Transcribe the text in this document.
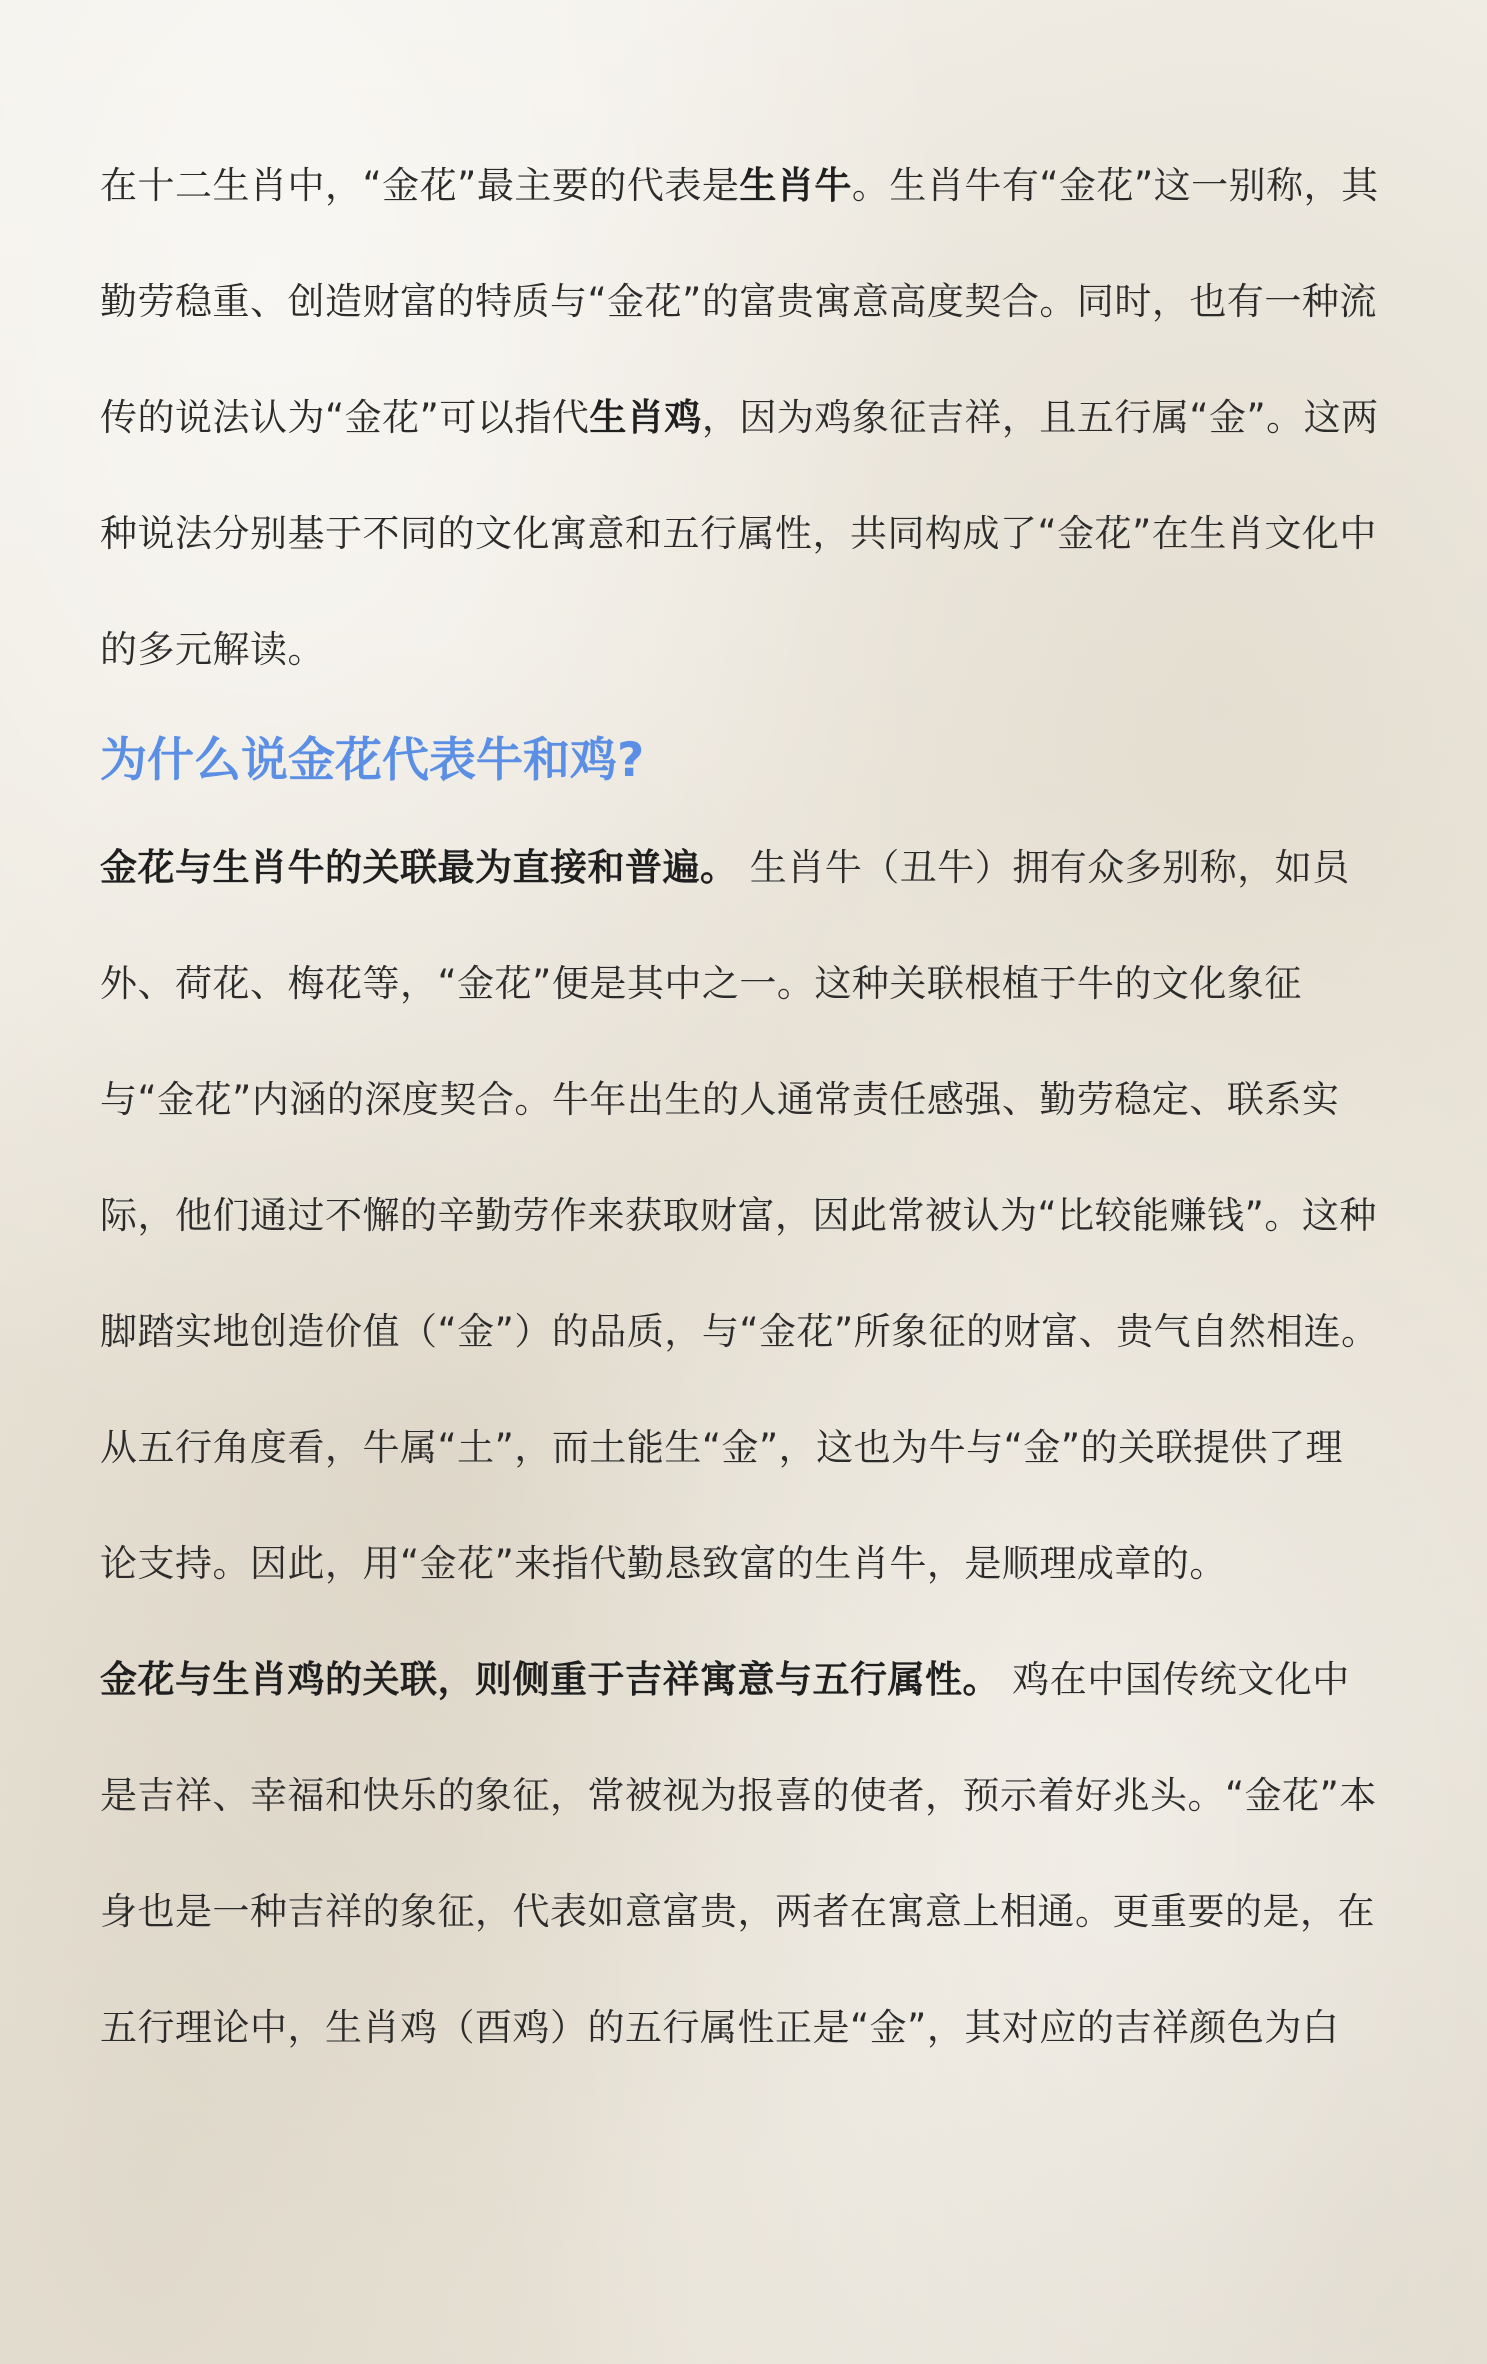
在十二生肖中，“金花”最主要的代表是生肖牛。生肖牛有“金花”这一别称，其勤劳稳重、创造财富的特质与“金花”的富贵寓意高度契合。同时，也有一种流传的说法认为“金花”可以指代生肖鸡，因为鸡象征吉祥，且五行属“金”。这两种说法分别基于不同的文化寓意和五行属性，共同构成了“金花”在生肖文化中的多元解读。

为什么说金花代表牛和鸡?

金花与生肖牛的关联最为直接和普遍。 生肖牛（丑牛）拥有众多别称，如员外、荷花、梅花等，“金花”便是其中之一。这种关联根植于牛的文化象征与“金花”内涵的深度契合。牛年出生的人通常责任感强、勤劳稳定、联系实际，他们通过不懈的辛勤劳作来获取财富，因此常被认为“比较能赚钱”。这种脚踏实地创造价值（“金”）的品质，与“金花”所象征的财富、贵气自然相连。从五行角度看，牛属“土”，而土能生“金”，这也为牛与“金”的关联提供了理论支持。因此，用“金花”来指代勤恳致富的生肖牛，是顺理成章的。

金花与生肖鸡的关联，则侧重于吉祥寓意与五行属性。 鸡在中国传统文化中是吉祥、幸福和快乐的象征，常被视为报喜的使者，预示着好兆头。“金花”本身也是一种吉祥的象征，代表如意富贵，两者在寓意上相通。更重要的是，在五行理论中，生肖鸡（酉鸡）的五行属性正是“金”，其对应的吉祥颜色为白
